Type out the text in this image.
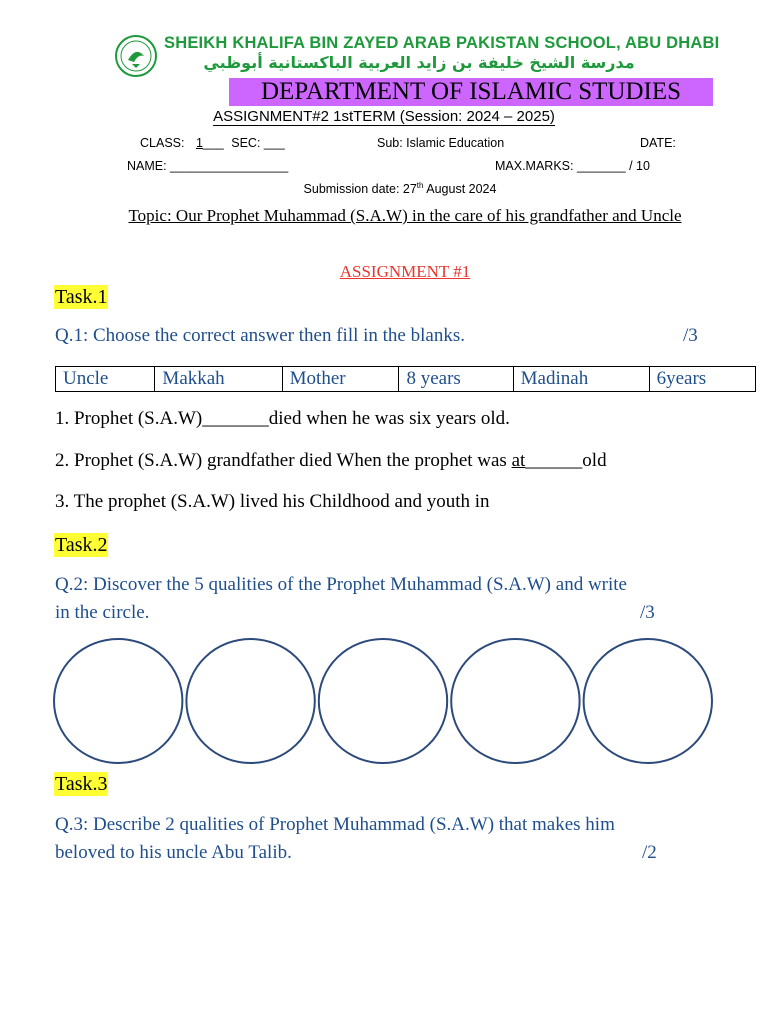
SHEIKH KHALIFA BIN ZAYED ARAB PAKISTAN SCHOOL, ABU DHABI
مدرسة الشيخ خليفة بن زايد العربية الباكستانية أبوظبي
DEPARTMENT OF ISLAMIC STUDIES
ASSIGNMENT#2 1stTERM (Session: 2024 – 2025)
CLASS: 1___ SEC: ___	Sub: Islamic Education	DATE:
NAME: _________________	MAX.MARKS: _______ / 10
Submission date: 27th August 2024
Topic: Our Prophet Muhammad (S.A.W) in the care of his grandfather and Uncle
ASSIGNMENT #1
Task.1
Q.1: Choose the correct answer then fill in the blanks.	/3
Uncle	Makkah	Mother	8 years	Madinah	6years
1. Prophet (S.A.W)_______died when he was six years old.
2. Prophet (S.A.W) grandfather died When the prophet was at______old
3. The prophet (S.A.W) lived his Childhood and youth in
Task.2
Q.2: Discover the 5 qualities of the Prophet Muhammad (S.A.W) and write
in the circle.	/3
Task.3
Q.3: Describe 2 qualities of Prophet Muhammad (S.A.W) that makes him
beloved to his uncle Abu Talib.	/2
